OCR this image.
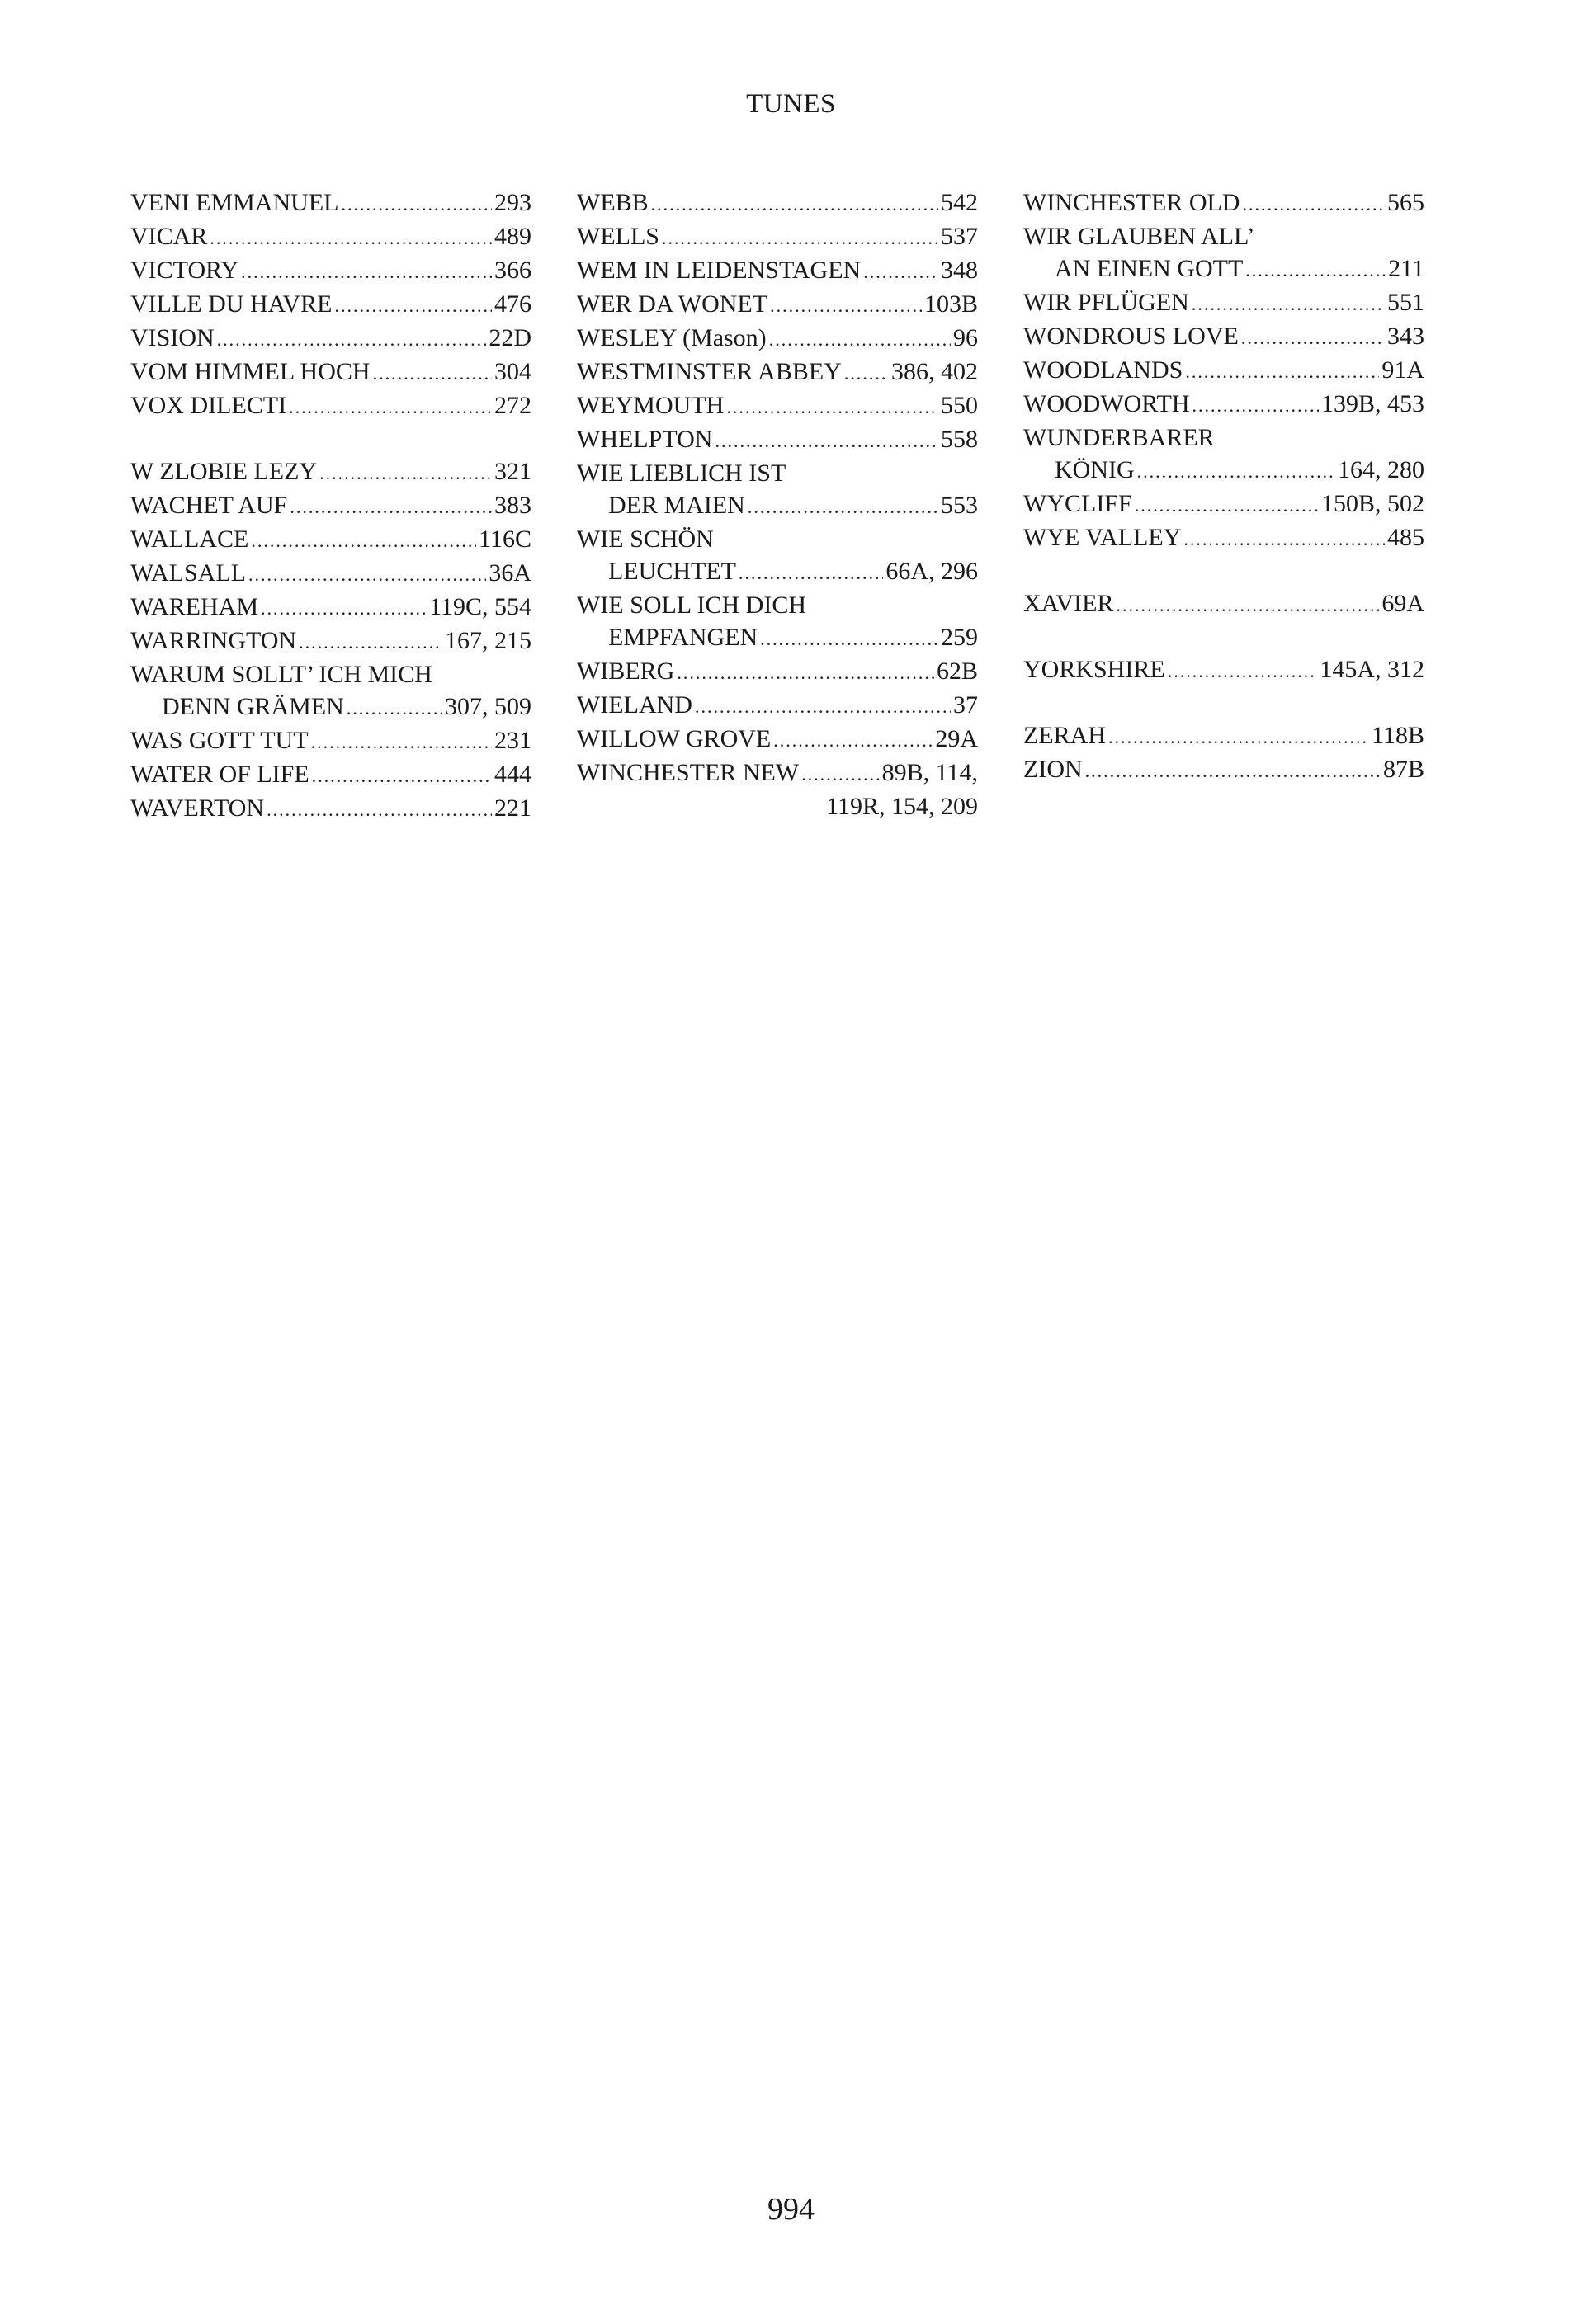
TUNES
VENI EMMANUEL .....	293
VICAR .....	489
VICTORY .....	366
VILLE DU HAVRE .....	476
VISION .....	22D
VOM HIMMEL HOCH .....	304
VOX DILECTI .....	272
W ZLOBIE LEZY .....	321
WACHET AUF .....	383
WALLACE .....	116C
WALSALL .....	36A
WAREHAM .....	119C, 554
WARRINGTON .....	167, 215
WARUM SOLLT’ ICH MICH
DENN GRÄMEN .....	307, 509
WAS GOTT TUT .....	231
WATER OF LIFE .....	444
WAVERTON .....	221
WEBB .....	542
WELLS .....	537
WEM IN LEIDENSTAGEN .....	348
WER DA WONET .....	103B
WESLEY (Mason) .....	96
WESTMINSTER ABBEY ..... 386, 402
WEYMOUTH .....	550
WHELPTON .....	558
WIE LIEBLICH IST
DER MAIEN .....	553
WIE SCHÖN
LEUCHTET .....	66A, 296
WIE SOLL ICH DICH
EMPFANGEN .....	259
WIBERG .....	62B
WIELAND .....	37
WILLOW GROVE .....	29A
WINCHESTER NEW .....	89B, 114,
119R, 154, 209
WINCHESTER OLD .....	565
WIR GLAUBEN ALL’
AN EINEN GOTT .....	211
WIR PFLÜGEN .....	551
WONDROUS LOVE .....	343
WOODLANDS .....	91A
WOODWORTH .....	139B, 453
WUNDERBARER
KÖNIG .....	164, 280
WYCLIFF .....	150B, 502
WYE VALLEY .....	485
XAVIER .....	69A
YORKSHIRE .....	145A, 312
ZERAH .....	118B
ZION .....	87B
994
